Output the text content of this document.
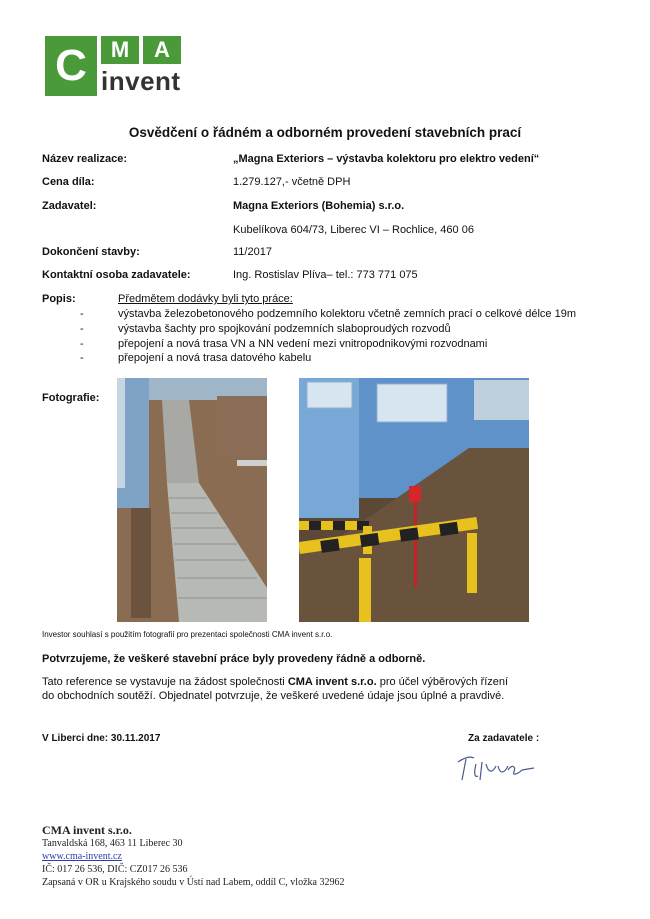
C	M	A
invent
Osvědčení o řádném a odborném provedení stavebních prací
Název realizace:	„Magna Exteriors – výstavba kolektoru pro elektro vedení“
Cena díla:	1.279.127,- včetně DPH
Zadavatel:	Magna Exteriors (Bohemia) s.r.o.
Kubelíkova 604/73, Liberec VI – Rochlice, 460 06
Dokončení stavby:	11/2017
Kontaktní osoba zadavatele:	Ing. Rostislav Plíva– tel.: 773 771 075
Popis:	Předmětem dodávky byli tyto práce:
-	výstavba železobetonového podzemního kolektoru včetně zemních prací o celkové délce 19m
-	výstavba šachty pro spojkování podzemních slaboproudých rozvodů
-	přepojení a nová trasa VN a NN vedení mezi vnitropodnikovými rozvodnami
-	přepojení a nová trasa datového kabelu
Fotografie:
Investor souhlasí s použitím fotografií pro prezentaci společnosti CMA invent s.r.o.
Potvrzujeme, že veškeré stavební práce byly provedeny řádně a odborně.
Tato reference se vystavuje na žádost společnosti CMA invent s.r.o. pro účel výběrových řízení
do obchodních soutěží. Objednatel potvrzuje, že veškeré uvedené údaje jsou úplné a pravdivé.
V Liberci dne: 30.11.2017	Za zadavatele :
CMA invent s.r.o.
Tanvaldská 168, 463 11 Liberec 30
www.cma-invent.cz
IČ: 017 26 536, DIČ: CZ017 26 536
Zapsaná v OR u Krajského soudu v Ústí nad Labem, oddíl C, vložka 32962
